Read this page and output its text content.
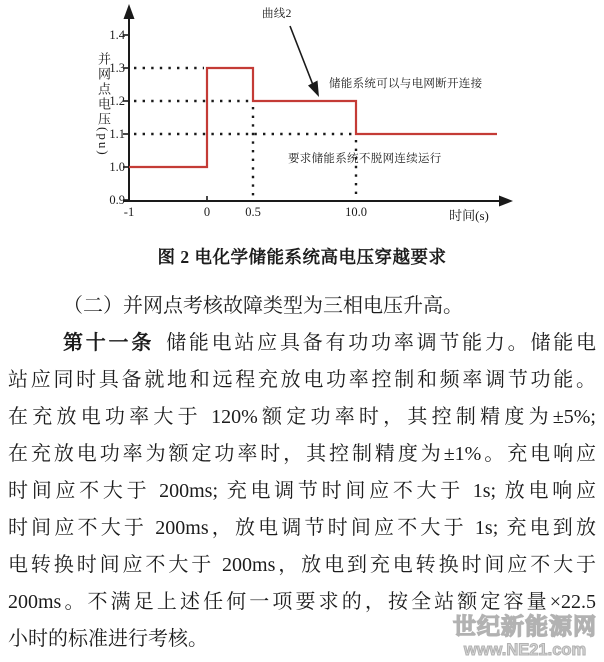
0.9
1.0
1.1
1.2
1.3
1.4
-1	0	0.5	10.0
并网点电压(pu)
时间(s)
曲线2
储能系统可以与电网断开连接
要求储能系统 不脱网连续运行
图 2 电化学储能系统高电压穿越要求
（二）并网点考核故障类型为三相电压升高。
第十一条 储能电站应具备有功功率调节能力。储能电
站应同时具备就地和远程充放电功率控制和频率调节功能。
在充放电功率大于 120%额定功率时，其控制精度为±5%;
在充放电功率为额定功率时，其控制精度为±1%。充电响应
时间应不大于 200ms; 充电调节时间应不大于 1s; 放电响应
时间应不大于 200ms，放电调节时间应不大于 1s; 充电到放
电转换时间应不大于 200ms，放电到充电转换时间应不大于
200ms。不满足上述任何一项要求的，按全站额定容量×22.5
小时的标准进行考核。	世纪新能源网
www.NE21.com
